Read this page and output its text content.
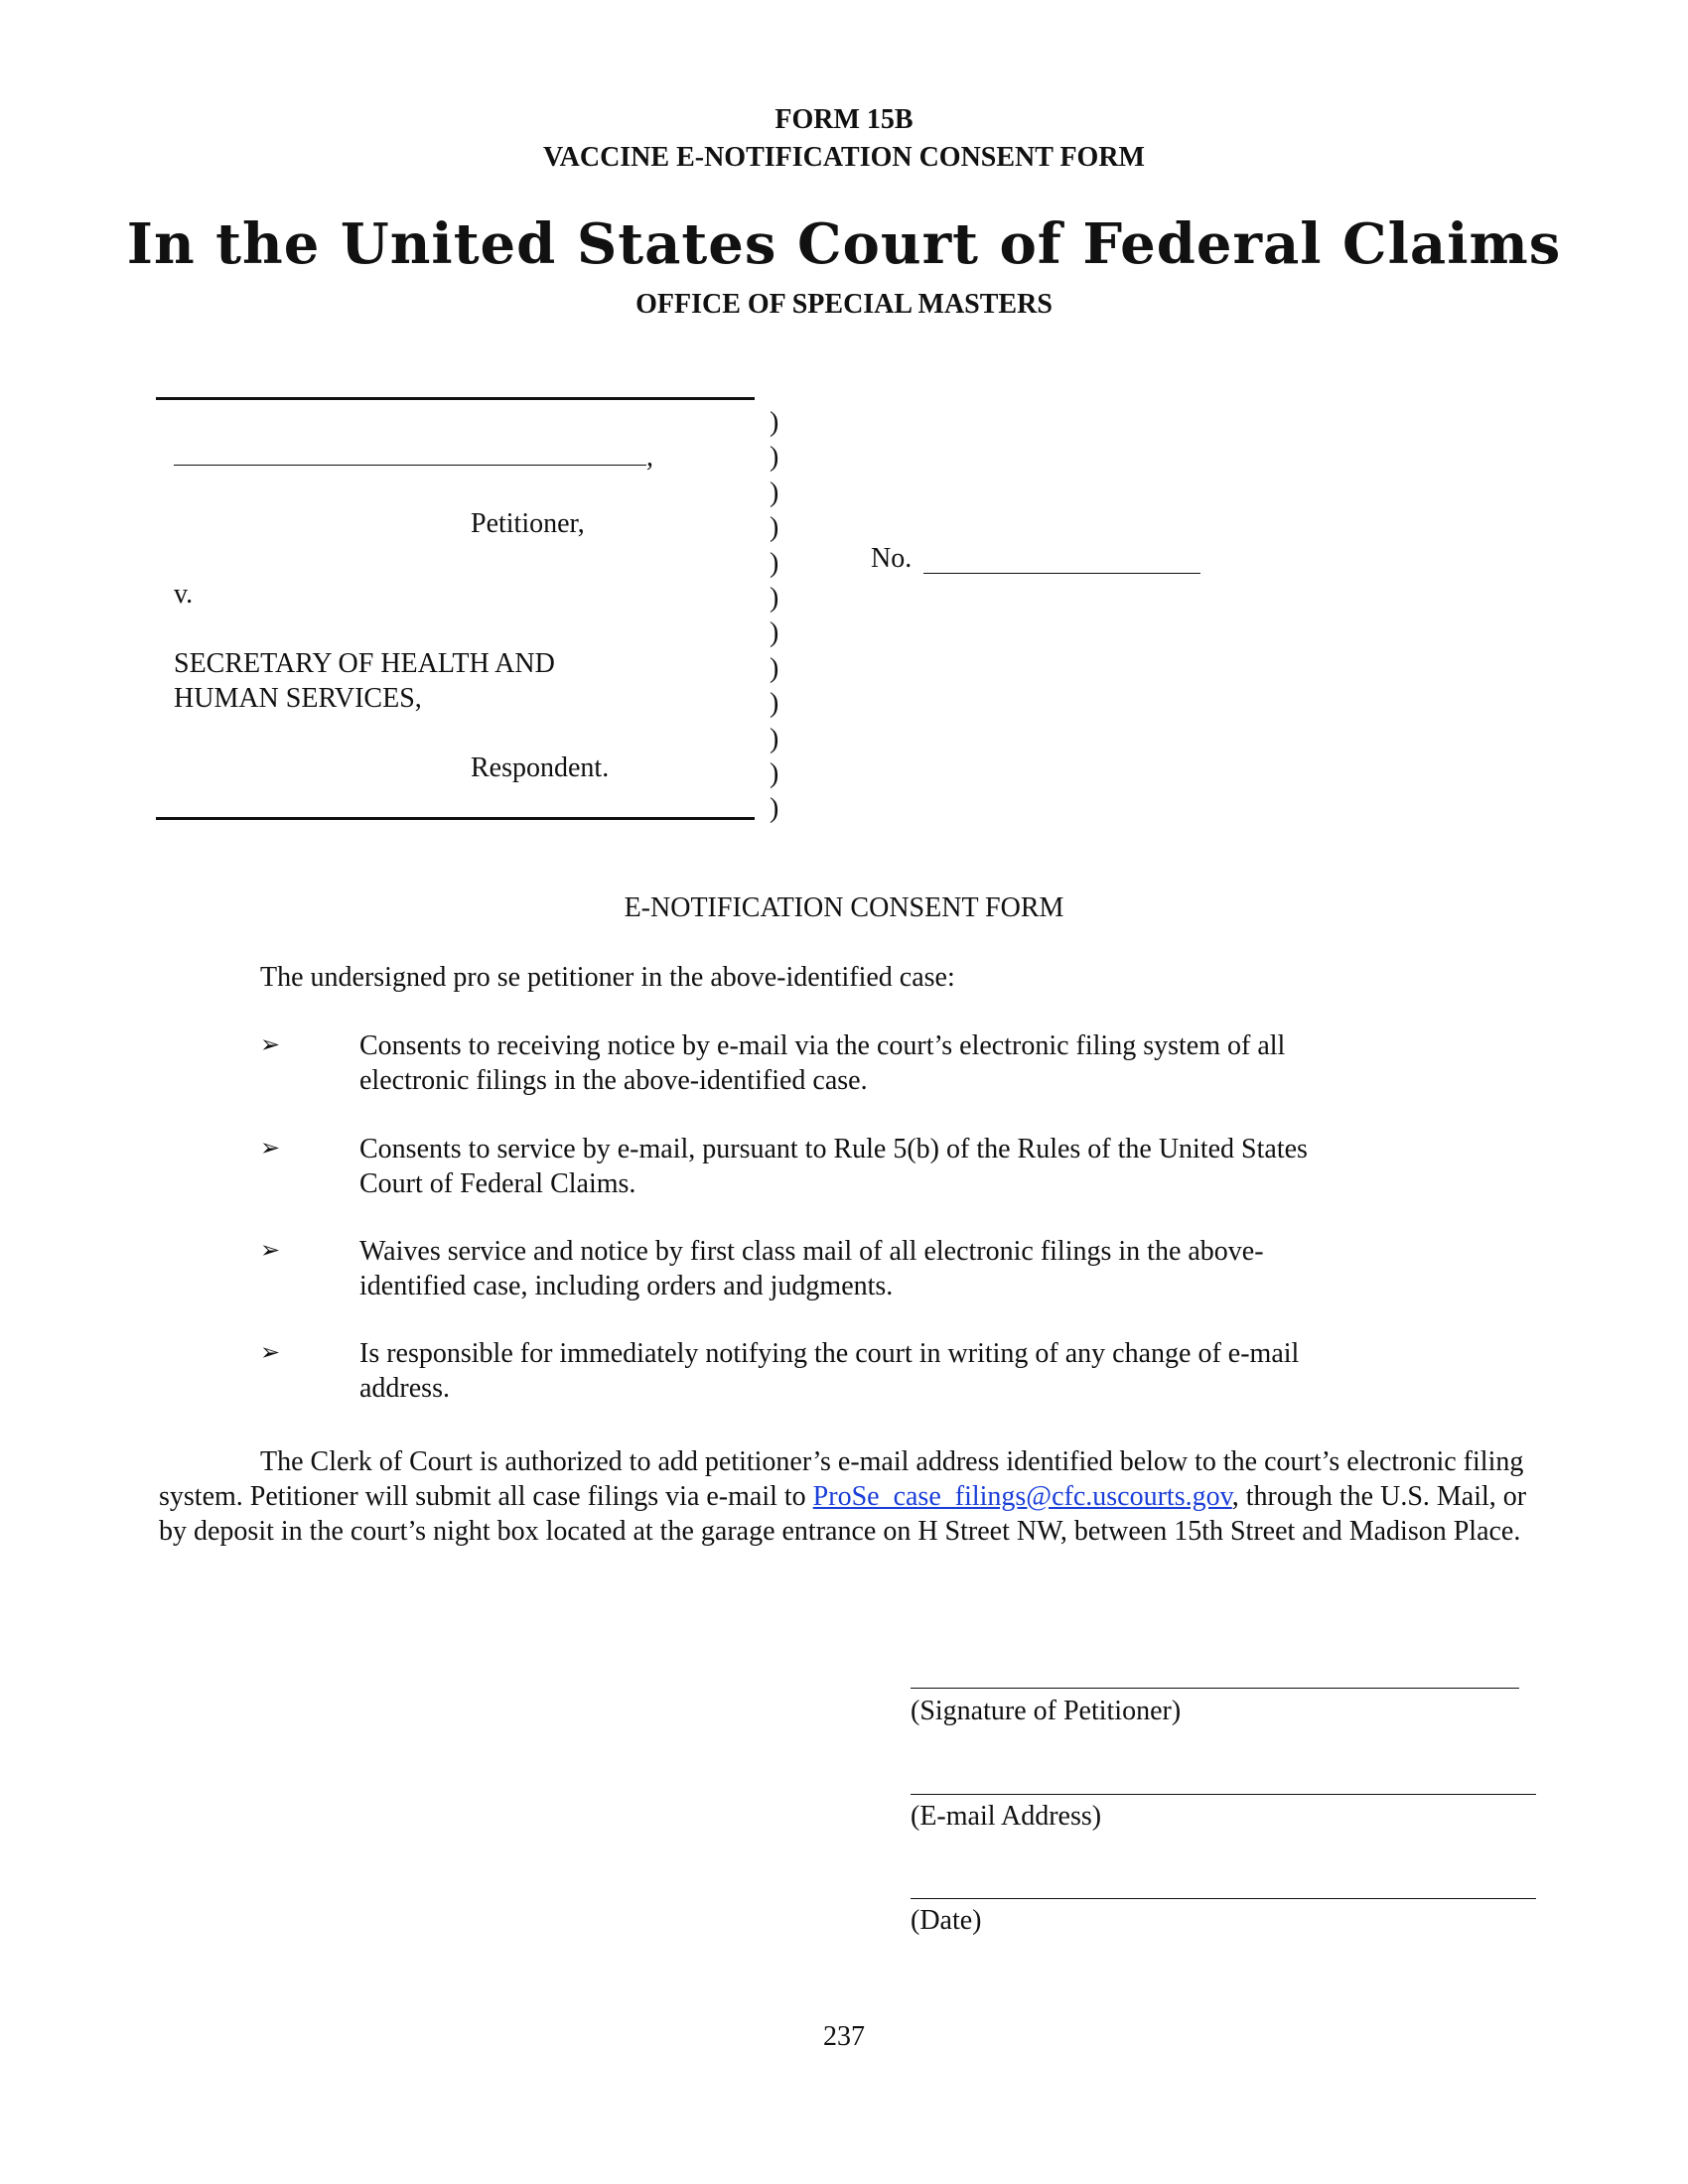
FORM 15B
VACCINE E-NOTIFICATION CONSENT FORM
In the United States Court of Federal Claims
OFFICE OF SPECIAL MASTERS
,
Petitioner,
v.
SECRETARY OF HEALTH AND
HUMAN SERVICES,
Respondent.
)
)
)
)
)
)
)
)
)
)
)
)
No.
E-NOTIFICATION CONSENT FORM
The undersigned pro se petitioner in the above-identified case:
➢	Consents to receiving notice by e-mail via the court’s electronic filing system of all
electronic filings in the above-identified case.
➢	Consents to service by e-mail, pursuant to Rule 5(b) of the Rules of the United States
Court of Federal Claims.
➢	Waives service and notice by first class mail of all electronic filings in the above-
identified case, including orders and judgments.
➢	Is responsible for immediately notifying the court in writing of any change of e-mail
address.
The Clerk of Court is authorized to add petitioner’s e-mail address identified below to the court’s electronic filing system. Petitioner will submit all case filings via e-mail to ProSe_case_filings@cfc.uscourts.gov, through the U.S. Mail, or by deposit in the court’s night box located at the garage entrance on H Street NW, between 15th Street and Madison Place.
(Signature of Petitioner)
(E-mail Address)
(Date)
237
